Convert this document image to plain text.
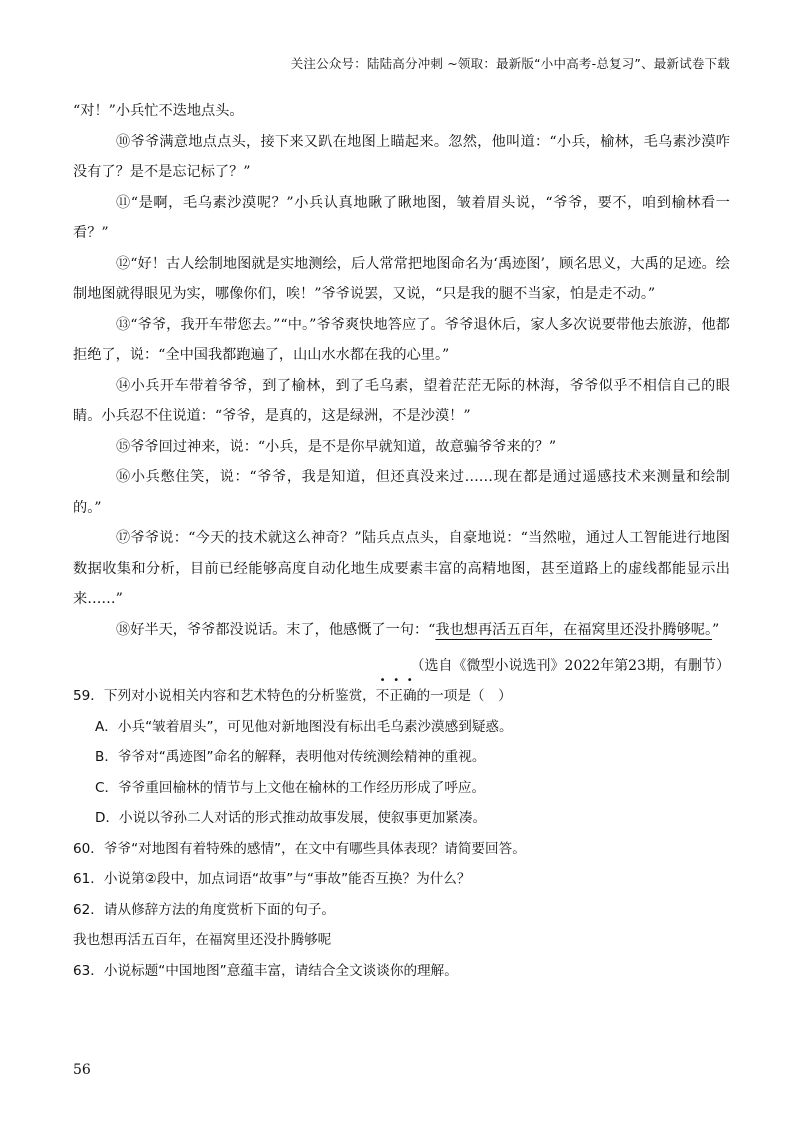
关注公众号：陆陆高分冲刺 ~领取：最新版“小中高考-总复习”、最新试卷下载

“对！”小兵忙不迭地点头。

⑩爷爷满意地点点头，接下来又趴在地图上瞄起来。忽然，他叫道：“小兵，榆林，毛乌素沙漠咋没有了？是不是忘记标了？”

⑪“是啊，毛乌素沙漠呢？”小兵认真地瞅了瞅地图，皱着眉头说，“爷爷，要不，咱到榆林看一看？”

⑫“好！古人绘制地图就是实地测绘，后人常常把地图命名为‘禹迹图’，顾名思义，大禹的足迹。绘制地图就得眼见为实，哪像你们，唉！”爷爷说罢，又说，“只是我的腿不当家，怕是走不动。”

⑬“爷爷，我开车带您去。”“中。”爷爷爽快地答应了。爷爷退休后，家人多次说要带他去旅游，他都拒绝了，说：“全中国我都跑遍了，山山水水都在我的心里。”

⑭小兵开车带着爷爷，到了榆林，到了毛乌素，望着茫茫无际的林海，爷爷似乎不相信自己的眼睛。小兵忍不住说道：“爷爷，是真的，这是绿洲，不是沙漠！”

⑮爷爷回过神来，说：“小兵，是不是你早就知道，故意骗爷爷来的？”

⑯小兵憋住笑，说：“爷爷，我是知道，但还真没来过……现在都是通过遥感技术来测量和绘制的。”

⑰爷爷说：“今天的技术就这么神奇？”陆兵点点头，自豪地说：“当然啦，通过人工智能进行地图数据收集和分析，目前已经能够高度自动化地生成要素丰富的高精地图，甚至道路上的虚线都能显示出来……”

⑱好半天，爷爷都没说话。末了，他感慨了一句：“我也想再活五百年，在福窝里还没扑腾够呢。”

（选自《微型小说选刊》2022年第23期，有删节）

59．下列对小说相关内容和艺术特色的分析鉴赏，不正确的一项是（　）

A．小兵“皱着眉头”，可见他对新地图没有标出毛乌素沙漠感到疑惑。

B．爷爷对“禹迹图”命名的解释，表明他对传统测绘精神的重视。

C．爷爷重回榆林的情节与上文他在榆林的工作经历形成了呼应。

D．小说以爷孙二人对话的形式推动故事发展，使叙事更加紧凑。

60．爷爷“对地图有着特殊的感情”，在文中有哪些具体表现？请简要回答。

61．小说第②段中，加点词语“故事”与“事故”能否互换？为什么？

62．请从修辞方法的角度赏析下面的句子。

我也想再活五百年，在福窝里还没扑腾够呢

63．小说标题“中国地图”意蕴丰富，请结合全文谈谈你的理解。

56
